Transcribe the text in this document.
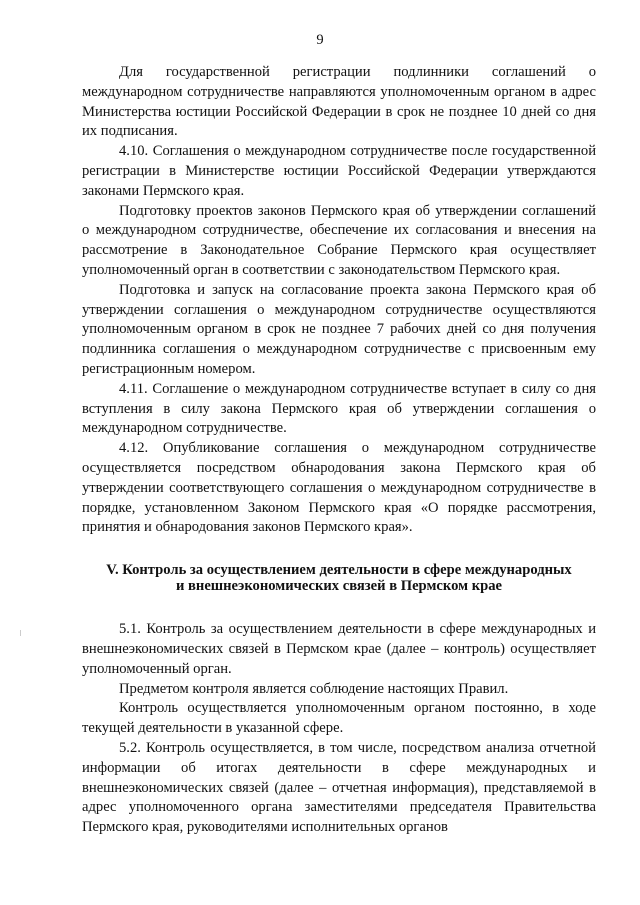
9

Для государственной регистрации подлинники соглашений о международном сотрудничестве направляются уполномоченным органом в адрес Министерства юстиции Российской Федерации в срок не позднее 10 дней со дня их подписания.

4.10. Соглашения о международном сотрудничестве после государственной регистрации в Министерстве юстиции Российской Федерации утверждаются законами Пермского края.

Подготовку проектов законов Пермского края об утверждении соглашений о международном сотрудничестве, обеспечение их согласования и внесения на рассмотрение в Законодательное Собрание Пермского края осуществляет уполномоченный орган в соответствии с законодательством Пермского края.

Подготовка и запуск на согласование проекта закона Пермского края об утверждении соглашения о международном сотрудничестве осуществляются уполномоченным органом в срок не позднее 7 рабочих дней со дня получения подлинника соглашения о международном сотрудничестве с присвоенным ему регистрационным номером.

4.11. Соглашение о международном сотрудничестве вступает в силу со дня вступления в силу закона Пермского края об утверждении соглашения о международном сотрудничестве.

4.12. Опубликование соглашения о международном сотрудничестве осуществляется посредством обнародования закона Пермского края об утверждении соответствующего соглашения о международном сотрудничестве в порядке, установленном Законом Пермского края «О порядке рассмотрения, принятия и обнародования законов Пермского края».

V. Контроль за осуществлением деятельности в сфере международных
и внешнеэкономических связей в Пермском крае

5.1. Контроль за осуществлением деятельности в сфере международных и внешнеэкономических связей в Пермском крае (далее – контроль) осуществляет уполномоченный орган.

Предметом контроля является соблюдение настоящих Правил.

Контроль осуществляется уполномоченным органом постоянно, в ходе текущей деятельности в указанной сфере.

5.2. Контроль осуществляется, в том числе, посредством анализа отчетной информации об итогах деятельности в сфере международных и внешнеэкономических связей (далее – отчетная информация), представляемой в адрес уполномоченного органа заместителями председателя Правительства Пермского края, руководителями исполнительных органов
